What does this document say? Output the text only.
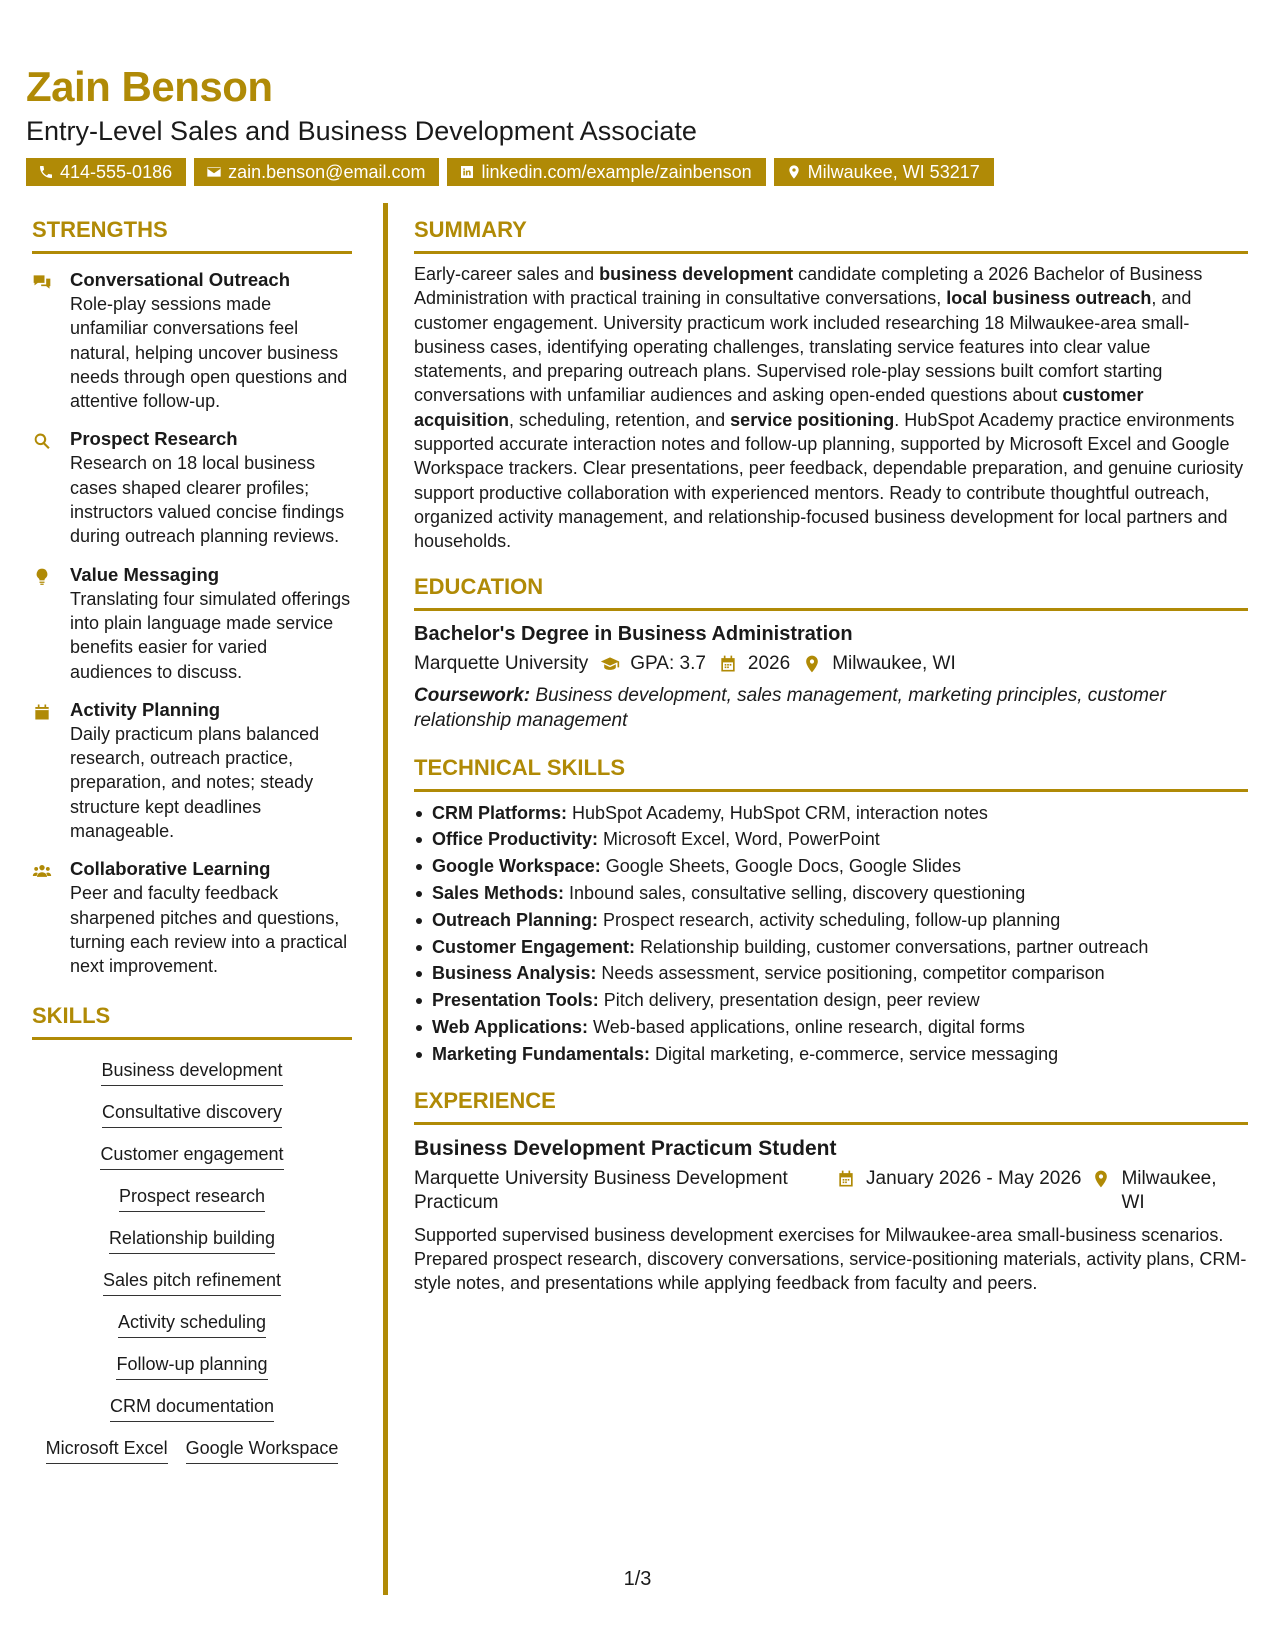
Zain Benson
Entry-Level Sales and Business Development Associate
414-555-0186	zain.benson@email.com	linkedin.com/example/zainbenson	Milwaukee, WI 53217
STRENGTHS
Conversational Outreach
Role-play sessions made unfamiliar conversations feel natural, helping uncover business needs through open questions and attentive follow-up.
Prospect Research
Research on 18 local business cases shaped clearer profiles; instructors valued concise findings during outreach planning reviews.
Value Messaging
Translating four simulated offerings into plain language made service benefits easier for varied audiences to discuss.
Activity Planning
Daily practicum plans balanced research, outreach practice, preparation, and notes; steady structure kept deadlines manageable.
Collaborative Learning
Peer and faculty feedback sharpened pitches and questions, turning each review into a practical next improvement.
SKILLS
Business development
Consultative discovery
Customer engagement
Prospect research
Relationship building
Sales pitch refinement
Activity scheduling
Follow-up planning
CRM documentation
Microsoft Excel Google Workspace
SUMMARY
Early-career sales and business development candidate completing a 2026 Bachelor of Business Administration with practical training in consultative conversations, local business outreach, and customer engagement. University practicum work included researching 18 Milwaukee-area small-business cases, identifying operating challenges, translating service features into clear value statements, and preparing outreach plans. Supervised role-play sessions built comfort starting conversations with unfamiliar audiences and asking open-ended questions about customer acquisition, scheduling, retention, and service positioning. HubSpot Academy practice environments supported accurate interaction notes and follow-up planning, supported by Microsoft Excel and Google Workspace trackers. Clear presentations, peer feedback, dependable preparation, and genuine curiosity support productive collaboration with experienced mentors. Ready to contribute thoughtful outreach, organized activity management, and relationship-focused business development for local partners and households.
EDUCATION
Bachelor's Degree in Business Administration
Marquette University GPA: 3.7 2026 Milwaukee, WI
Coursework: Business development, sales management, marketing principles, customer relationship management
TECHNICAL SKILLS
CRM Platforms: HubSpot Academy, HubSpot CRM, interaction notes
Office Productivity: Microsoft Excel, Word, PowerPoint
Google Workspace: Google Sheets, Google Docs, Google Slides
Sales Methods: Inbound sales, consultative selling, discovery questioning
Outreach Planning: Prospect research, activity scheduling, follow-up planning
Customer Engagement: Relationship building, customer conversations, partner outreach
Business Analysis: Needs assessment, service positioning, competitor comparison
Presentation Tools: Pitch delivery, presentation design, peer review
Web Applications: Web-based applications, online research, digital forms
Marketing Fundamentals: Digital marketing, e-commerce, service messaging
EXPERIENCE
Business Development Practicum Student
Marquette University Business Development Practicum
January 2026 - May 2026 Milwaukee, WI
Supported supervised business development exercises for Milwaukee-area small-business scenarios. Prepared prospect research, discovery conversations, service-positioning materials, activity plans, CRM-style notes, and presentations while applying feedback from faculty and peers.
1/3
